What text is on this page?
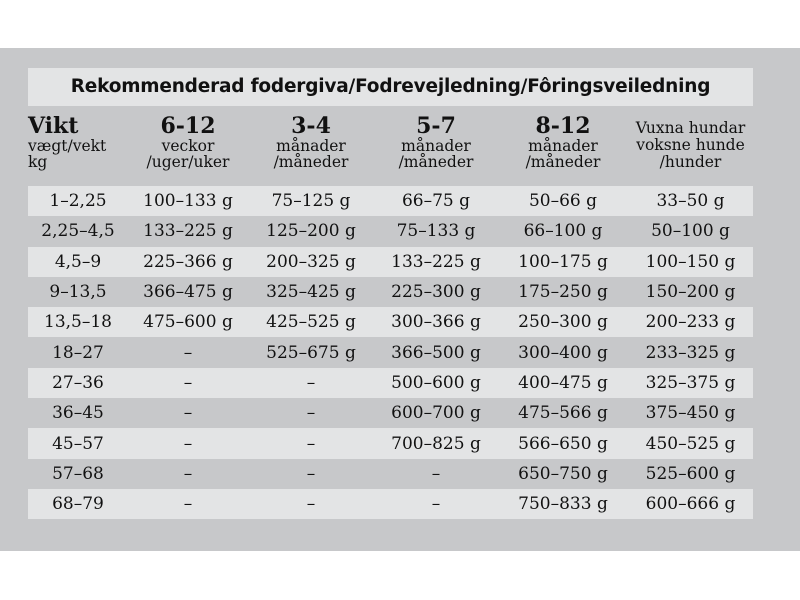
Rekommenderad fodergiva/Fodrevejledning/Fôringsveiledning
Vikt
vægt/vekt
kg
6-12
veckor
/uger/uker
3-4
månader
/måneder
5-7
månader
/måneder
8-12
månader
/måneder
Vuxna hundar
voksne hunde
/hunder
1–2,25	100–133 g	75–125 g	66–75 g	50–66 g	33–50 g
2,25–4,5	133–225 g	125–200 g	75–133 g	66–100 g	50–100 g
4,5–9	225–366 g	200–325 g	133–225 g	100–175 g	100–150 g
9–13,5	366–475 g	325–425 g	225–300 g	175–250 g	150–200 g
13,5–18	475–600 g	425–525 g	300–366 g	250–300 g	200–233 g
18–27	–	525–675 g	366–500 g	300–400 g	233–325 g
27–36	–	–	500–600 g	400–475 g	325–375 g
36–45	–	–	600–700 g	475–566 g	375–450 g
45–57	–	–	700–825 g	566–650 g	450–525 g
57–68	–	–	–	650–750 g	525–600 g
68–79	–	–	–	750–833 g	600–666 g
